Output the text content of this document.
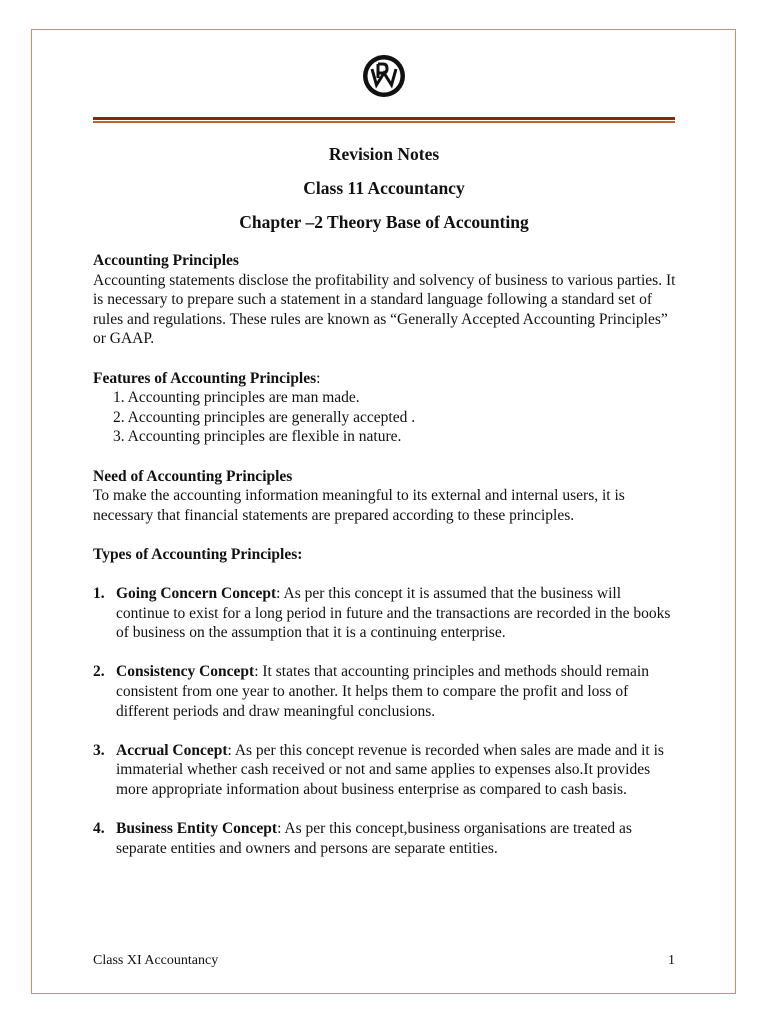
Revision Notes
Class 11 Accountancy
Chapter –2 Theory Base of Accounting

Accounting Principles

Accounting statements disclose the profitability and solvency of business to various parties. It is necessary to prepare such a statement in a standard language following a standard set of rules and regulations. These rules are known as “Generally Accepted Accounting Principles” or GAAP.

Features of Accounting Principles:

1. Accounting principles are man made.

2. Accounting principles are generally accepted .

3. Accounting principles are flexible in nature.

Need of Accounting Principles

To make the accounting information meaningful to its external and internal users, it is necessary that financial statements are prepared according to these principles.

Types of Accounting Principles:

1. Going Concern Concept: As per this concept it is assumed that the business will continue to exist for a long period in future and the transactions are recorded in the books of business on the assumption that it is a continuing enterprise.
2. Consistency Concept: It states that accounting principles and methods should remain consistent from one year to another. It helps them to compare the profit and loss of different periods and draw meaningful conclusions.
3. Accrual Concept: As per this concept revenue is recorded when sales are made and it is immaterial whether cash received or not and same applies to expenses also.It provides more appropriate information about business enterprise as compared to cash basis.
4. Business Entity Concept: As per this concept,business organisations are treated as separate entities and owners and persons are separate entities.
Class XI Accountancy	1
